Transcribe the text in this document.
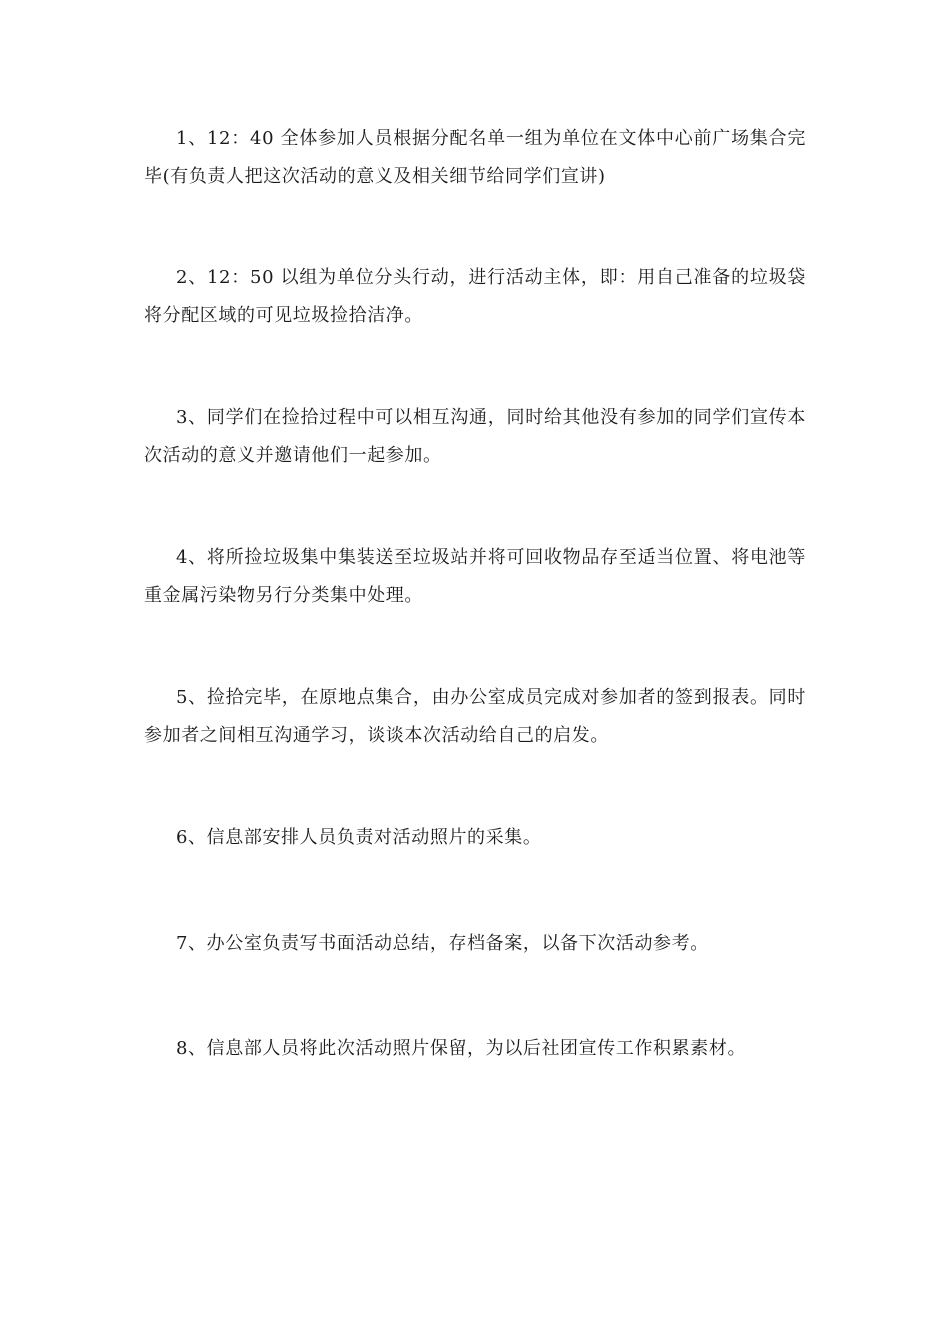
1、12：40 全体参加人员根据分配名单一组为单位在文体中心前广场集合完毕(有负责人把这次活动的意义及相关细节给同学们宣讲)

2、12：50 以组为单位分头行动，进行活动主体，即：用自己准备的垃圾袋将分配区域的可见垃圾捡拾洁净。

3、同学们在捡拾过程中可以相互沟通，同时给其他没有参加的同学们宣传本次活动的意义并邀请他们一起参加。

4、将所捡垃圾集中集装送至垃圾站并将可回收物品存至适当位置、将电池等重金属污染物另行分类集中处理。

5、捡拾完毕，在原地点集合，由办公室成员完成对参加者的签到报表。同时参加者之间相互沟通学习，谈谈本次活动给自己的启发。

6、信息部安排人员负责对活动照片的采集。

7、办公室负责写书面活动总结，存档备案，以备下次活动参考。

8、信息部人员将此次活动照片保留，为以后社团宣传工作积累素材。
